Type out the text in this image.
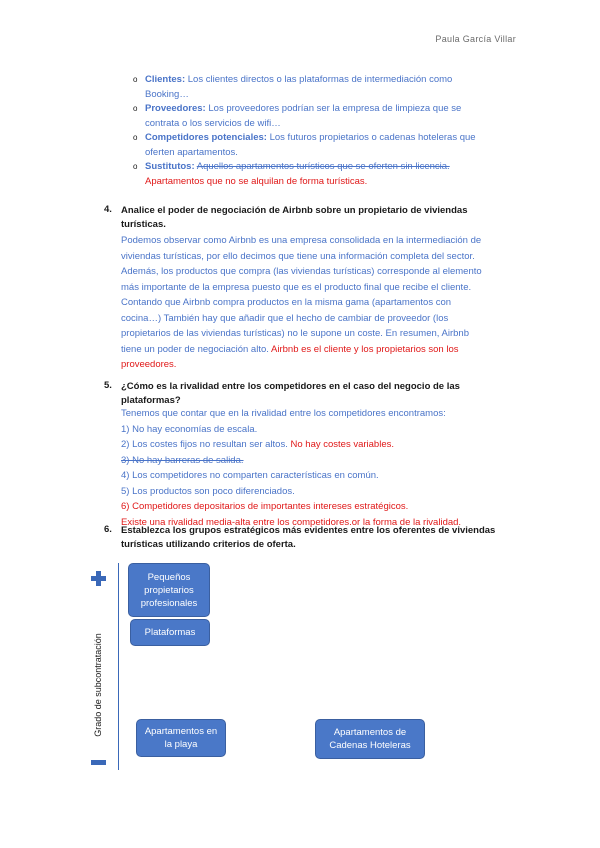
Paula García Villar
o Clientes: Los clientes directos o las plataformas de intermediación como
Booking…
o Proveedores: Los proveedores podrían ser la empresa de limpieza que se
contrata o los servicios de wifi…
o Competidores potenciales: Los futuros propietarios o cadenas hoteleras que
oferten apartamentos.
o Sustitutos: Aquellos apartamentos turísticos que se oferten sin licencia.
Apartamentos que no se alquilan de forma turísticas.
4. Analice el poder de negociación de Airbnb sobre un propietario de viviendas
turísticas.
Podemos observar como Airbnb es una empresa consolidada en la intermediación de
viviendas turísticas, por ello decimos que tiene una información completa del sector.
Además, los productos que compra (las viviendas turísticas) corresponde al elemento
más importante de la empresa puesto que es el producto final que recibe el cliente.
Contando que Airbnb compra productos en la misma gama (apartamentos con
cocina…) También hay que añadir que el hecho de cambiar de proveedor (los
propietarios de las viviendas turísticas) no le supone un coste. En resumen, Airbnb
tiene un poder de negociación alto. Airbnb es el cliente y los propietarios son los
proveedores.
5. ¿Cómo es la rivalidad entre los competidores en el caso del negocio de las
plataformas?
Tenemos que contar que en la rivalidad entre los competidores encontramos:
1) No hay economías de escala.
2) Los costes fijos no resultan ser altos. No hay costes variables.
3) No hay barreras de salida.
4) Los competidores no comparten características en común.
5) Los productos son poco diferenciados.
6) Competidores depositarios de importantes intereses estratégicos.
Existe una rivalidad media-alta entre los competidores.or la forma de la rivalidad.
6. Establezca los grupos estratégicos más evidentes entre los oferentes de viviendas
turísticas utilizando criterios de oferta.
Grado de subcontratación
Pequeños propietarios profesionales
Plataformas
Apartamentos en la playa
Apartamentos de Cadenas Hoteleras
